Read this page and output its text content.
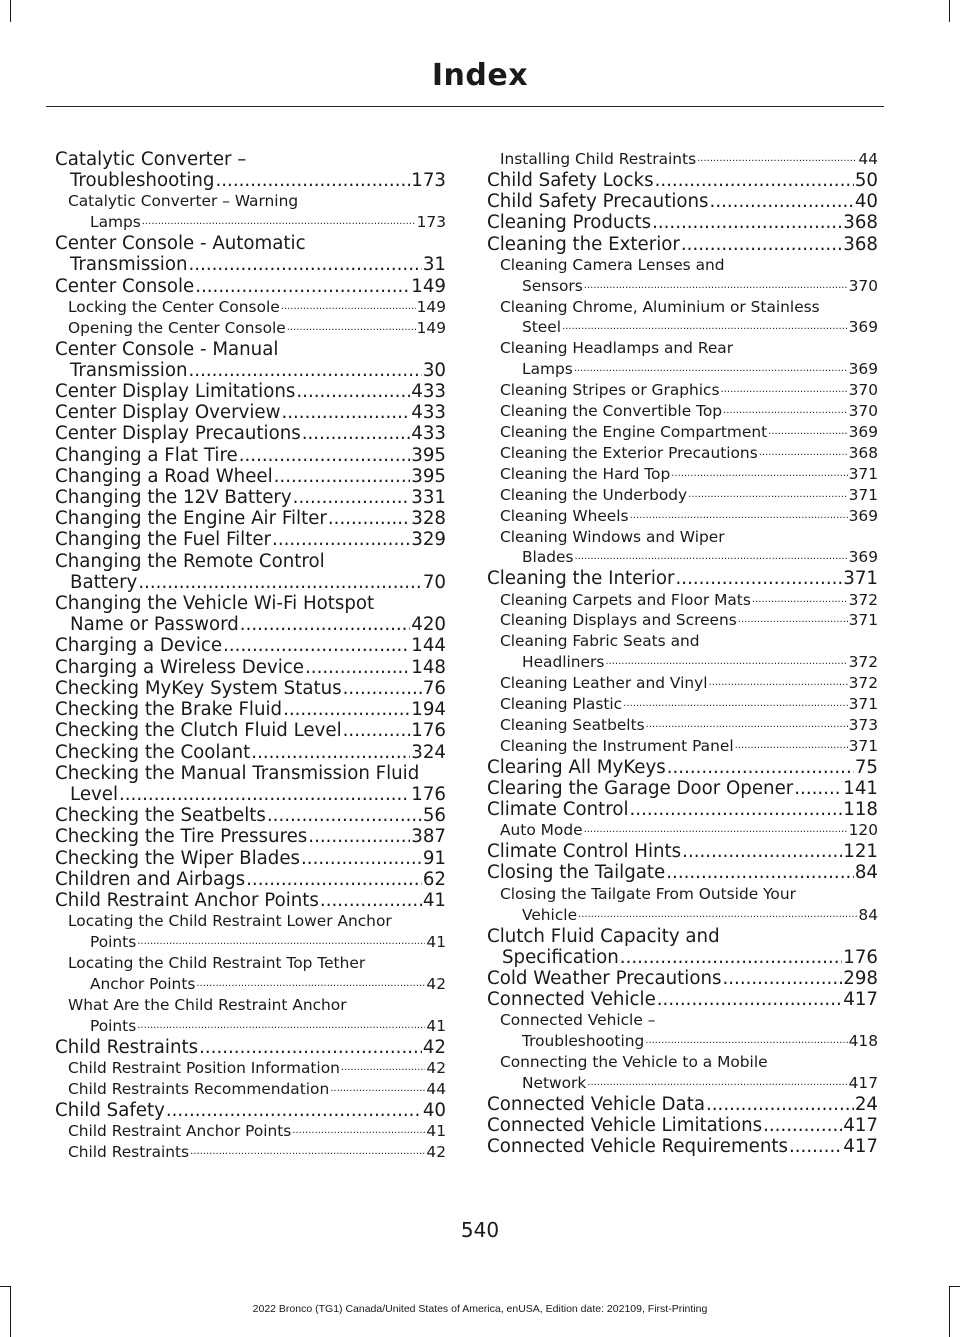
Index
Catalytic Converter –
Troubleshooting .....	173
Catalytic Converter – Warning
Lamps .....	173
Center Console - Automatic
Transmission .....	31
Center Console .....	149
Locking the Center Console .....	149
Opening the Center Console .....	149
Center Console - Manual
Transmission .....	30
Center Display Limitations .....	433
Center Display Overview .....	433
Center Display Precautions .....	433
Changing a Flat Tire .....	395
Changing a Road Wheel .....	395
Changing the 12V Battery .....	331
Changing the Engine Air Filter .....	328
Changing the Fuel Filter .....	329
Changing the Remote Control
Battery .....	70
Changing the Vehicle Wi-Fi Hotspot
Name or Password .....	420
Charging a Device .....	144
Charging a Wireless Device .....	148
Checking MyKey System Status .....	76
Checking the Brake Fluid .....	194
Checking the Clutch Fluid Level .....	176
Checking the Coolant .....	324
Checking the Manual Transmission Fluid
Level .....	176
Checking the Seatbelts .....	56
Checking the Tire Pressures .....	387
Checking the Wiper Blades .....	91
Children and Airbags .....	62
Child Restraint Anchor Points .....	41
Locating the Child Restraint Lower Anchor
Points .....	41
Locating the Child Restraint Top Tether
Anchor Points .....	42
What Are the Child Restraint Anchor
Points .....	41
Child Restraints .....	42
Child Restraint Position Information .....	42
Child Restraints Recommendation .....	44
Child Safety .....	40
Child Restraint Anchor Points .....	41
Child Restraints .....	42
Installing Child Restraints .....	44
Child Safety Locks .....	50
Child Safety Precautions .....	40
Cleaning Products .....	368
Cleaning the Exterior .....	368
Cleaning Camera Lenses and
Sensors .....	370
Cleaning Chrome, Aluminium or Stainless
Steel .....	369
Cleaning Headlamps and Rear
Lamps .....	369
Cleaning Stripes or Graphics .....	370
Cleaning the Convertible Top .....	370
Cleaning the Engine Compartment .....	369
Cleaning the Exterior Precautions .....	368
Cleaning the Hard Top .....	371
Cleaning the Underbody .....	371
Cleaning Wheels .....	369
Cleaning Windows and Wiper
Blades .....	369
Cleaning the Interior .....	371
Cleaning Carpets and Floor Mats .....	372
Cleaning Displays and Screens .....	371
Cleaning Fabric Seats and
Headliners .....	372
Cleaning Leather and Vinyl .....	372
Cleaning Plastic .....	371
Cleaning Seatbelts .....	373
Cleaning the Instrument Panel .....	371
Clearing All MyKeys .....	75
Clearing the Garage Door Opener .....	141
Climate Control .....	118
Auto Mode .....	120
Climate Control Hints .....	121
Closing the Tailgate .....	84
Closing the Tailgate From Outside Your
Vehicle .....	84
Clutch Fluid Capacity and
Specification .....	176
Cold Weather Precautions .....	298
Connected Vehicle .....	417
Connected Vehicle –
Troubleshooting .....	418
Connecting the Vehicle to a Mobile
Network .....	417
Connected Vehicle Data .....	24
Connected Vehicle Limitations .....	417
Connected Vehicle Requirements .....	417
540
2022 Bronco (TG1) Canada/United States of America, enUSA, Edition date: 202109, First-Printing
